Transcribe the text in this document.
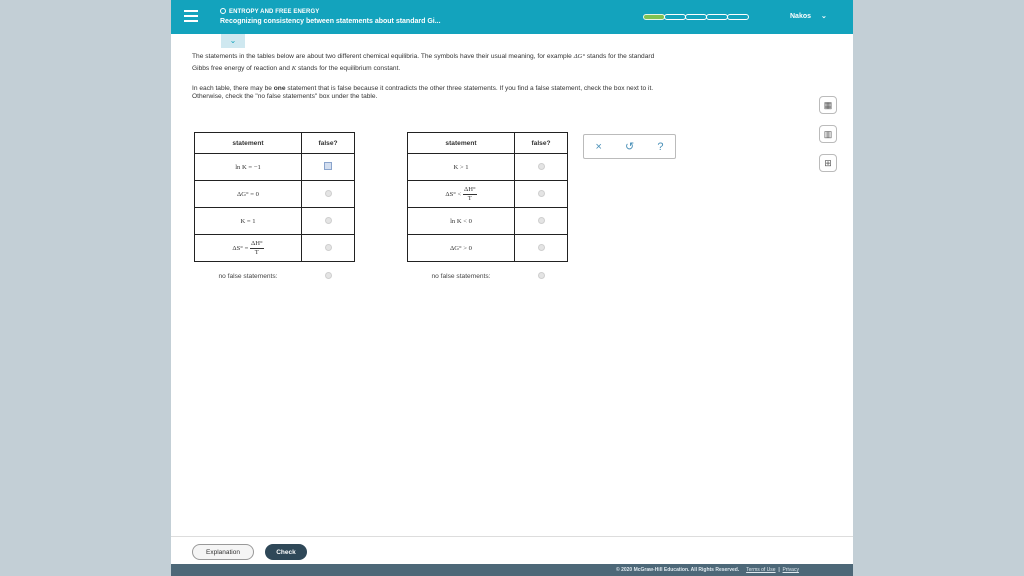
ENTROPY AND FREE ENERGY
Recognizing consistency between statements about standard Gi...
Nakos ⌄
⌄
The statements in the tables below are about two different chemical equilibria. The symbols have their usual meaning, for example ΔG° stands for the standard
Gibbs free energy of reaction and K stands for the equilibrium constant.
In each table, there may be one statement that is false because it contradicts the other three statements. If you find a false statement, check the box next to it.
Otherwise, check the "no false statements" box under the table.
▦
▥
⊞
statement	false?
ln K = −1	
ΔG° = 0	
K = 1	
$\Delta S^\circ = \frac{\Delta H^\circ}{T}$

no false statements:	
statement	false?
K > 1	
$\Delta S^\circ < \frac{\Delta H^\circ}{T}$

ln K < 0	
ΔG° > 0	
no false statements:	
× ↺ ?
Explanation	Check
© 2020 McGraw-Hill Education. All Rights Reserved. Terms of Use | Privacy
